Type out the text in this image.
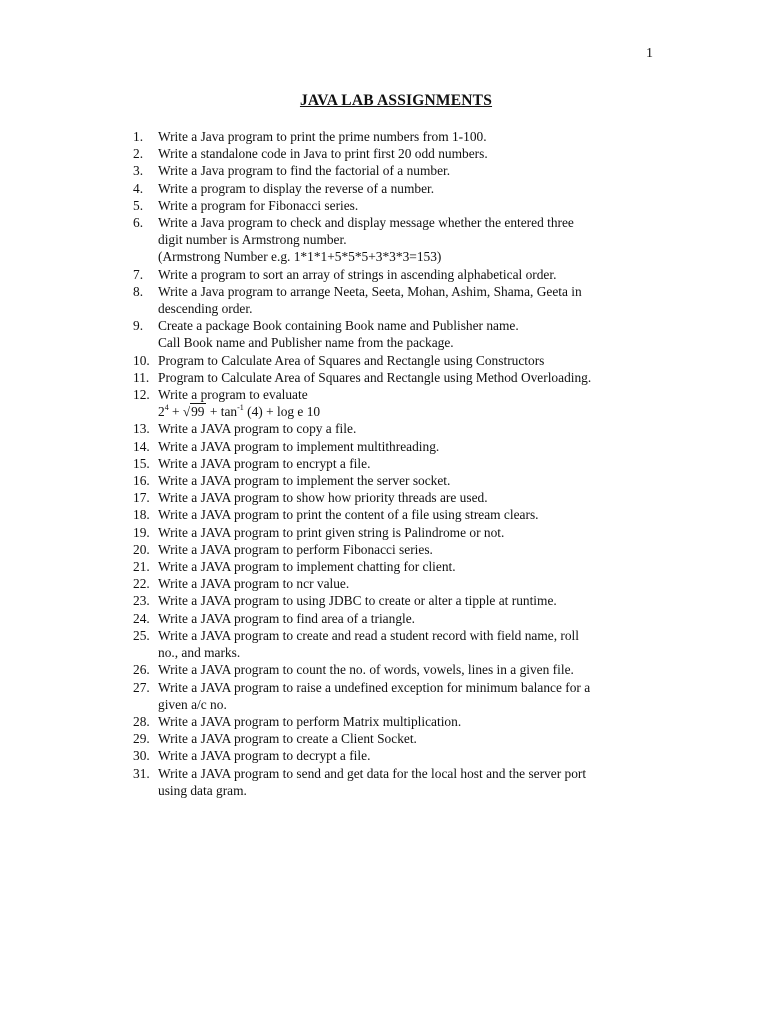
1
JAVA LAB ASSIGNMENTS
1. Write a Java program to print the prime numbers from 1-100.
2. Write a standalone code in Java to print first 20 odd numbers.
3. Write a Java program to find the factorial of a number.
4. Write a program to display the reverse of a number.
5. Write a program for Fibonacci series.
6. Write a Java program to check and display message whether the entered three
digit number is Armstrong number.
(Armstrong Number e.g. 1*1*1+5*5*5+3*3*3=153)
7. Write a program to sort an array of strings in ascending alphabetical order.
8. Write a Java program to arrange Neeta, Seeta, Mohan, Ashim, Shama, Geeta in
descending order.
9. Create a package Book containing Book name and Publisher name.
Call Book name and Publisher name from the package.
10. Program to Calculate Area of Squares and Rectangle using Constructors
11. Program to Calculate Area of Squares and Rectangle using Method Overloading.
12. Write a program to evaluate
$2^4 + √99 + \tan^{-1} (4) + \log e$ 10
13. Write a JAVA program to copy a file.
14. Write a JAVA program to implement multithreading.
15. Write a JAVA program to encrypt a file.
16. Write a JAVA program to implement the server socket.
17. Write a JAVA program to show how priority threads are used.
18. Write a JAVA program to print the content of a file using stream clears.
19. Write a JAVA program to print given string is Palindrome or not.
20. Write a JAVA program to perform Fibonacci series.
21. Write a JAVA program to implement chatting for client.
22. Write a JAVA program to ncr value.
23. Write a JAVA program to using JDBC to create or alter a tipple at runtime.
24. Write a JAVA program to find area of a triangle.
25. Write a JAVA program to create and read a student record with field name, roll
no., and marks.
26. Write a JAVA program to count the no. of words, vowels, lines in a given file.
27. Write a JAVA program to raise a undefined exception for minimum balance for a
given a/c no.
28. Write a JAVA program to perform Matrix multiplication.
29. Write a JAVA program to create a Client Socket.
30. Write a JAVA program to decrypt a file.
31. Write a JAVA program to send and get data for the local host and the server port
using data gram.
